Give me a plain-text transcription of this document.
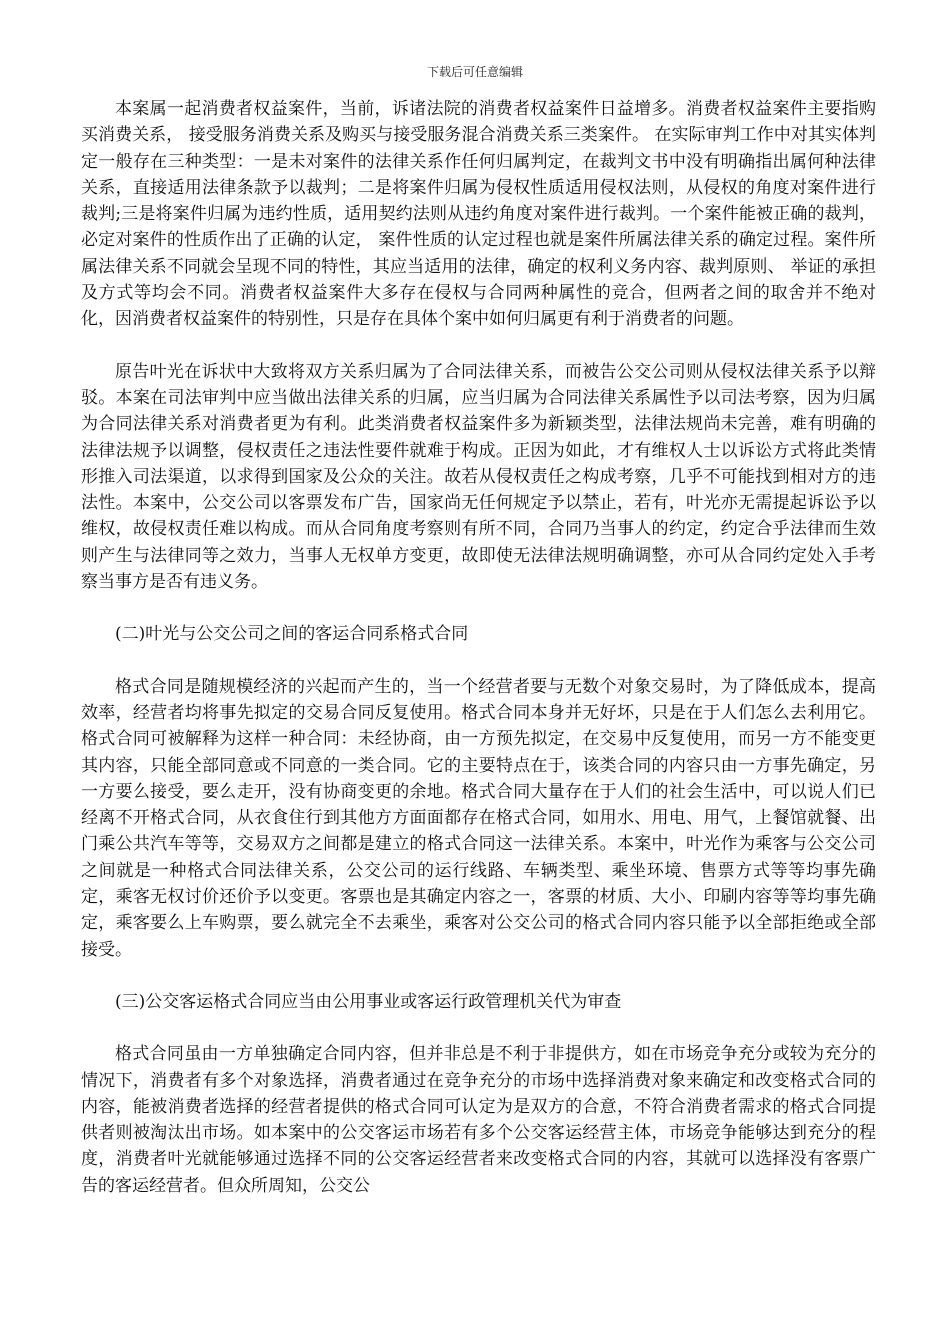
下载后可任意编辑

本案属一起消费者权益案件，当前，诉诸法院的消费者权益案件日益增多。消费者权益案件主要指购买消费关系， 接受服务消费关系及购买与接受服务混合消费关系三类案件。 在实际审判工作中对其实体判定一般存在三种类型：一是未对案件的法律关系作任何归属判定，在裁判文书中没有明确指出属何种法律关系，直接适用法律条款予以裁判；二是将案件归属为侵权性质适用侵权法则，从侵权的角度对案件进行裁判;三是将案件归属为违约性质，适用契约法则从违约角度对案件进行裁判。一个案件能被正确的裁判， 必定对案件的性质作出了正确的认定， 案件性质的认定过程也就是案件所属法律关系的确定过程。案件所属法律关系不同就会呈现不同的特性，其应当适用的法律，确定的权利义务内容、裁判原则、 举证的承担及方式等均会不同。消费者权益案件大多存在侵权与合同两种属性的竞合，但两者之间的取舍并不绝对化，因消费者权益案件的特别性，只是存在具体个案中如何归属更有利于消费者的问题。

原告叶光在诉状中大致将双方关系归属为了合同法律关系，而被告公交公司则从侵权法律关系予以辩驳。本案在司法审判中应当做出法律关系的归属，应当归属为合同法律关系属性予以司法考察，因为归属为合同法律关系对消费者更为有利。此类消费者权益案件多为新颖类型，法律法规尚未完善，难有明确的法律法规予以调整，侵权责任之违法性要件就难于构成。正因为如此，才有维权人士以诉讼方式将此类情形推入司法渠道，以求得到国家及公众的关注。故若从侵权责任之构成考察，几乎不可能找到相对方的违法性。本案中，公交公司以客票发布广告，国家尚无任何规定予以禁止，若有，叶光亦无需提起诉讼予以维权，故侵权责任难以构成。而从合同角度考察则有所不同，合同乃当事人的约定，约定合乎法律而生效则产生与法律同等之效力，当事人无权单方变更，故即使无法律法规明确调整，亦可从合同约定处入手考察当事方是否有违义务。

(二)叶光与公交公司之间的客运合同系格式合同

格式合同是随规模经济的兴起而产生的，当一个经营者要与无数个对象交易时，为了降低成本，提高效率，经营者均将事先拟定的交易合同反复使用。格式合同本身并无好坏，只是在于人们怎么去利用它。格式合同可被解释为这样一种合同：未经协商，由一方预先拟定，在交易中反复使用，而另一方不能变更其内容，只能全部同意或不同意的一类合同。它的主要特点在于，该类合同的内容只由一方事先确定，另一方要么接受，要么走开，没有协商变更的余地。格式合同大量存在于人们的社会生活中，可以说人们已经离不开格式合同，从衣食住行到其他方方面面都存在格式合同，如用水、用电、用气，上餐馆就餐、出门乘公共汽车等等，交易双方之间都是建立的格式合同这一法律关系。本案中，叶光作为乘客与公交公司之间就是一种格式合同法律关系，公交公司的运行线路、车辆类型、乘坐环境、售票方式等等均事先确定，乘客无权讨价还价予以变更。客票也是其确定内容之一，客票的材质、大小、印刷内容等等均事先确定，乘客要么上车购票，要么就完全不去乘坐，乘客对公交公司的格式合同内容只能予以全部拒绝或全部接受。

(三)公交客运格式合同应当由公用事业或客运行政管理机关代为审查

格式合同虽由一方单独确定合同内容，但并非总是不利于非提供方，如在市场竞争充分或较为充分的情况下，消费者有多个对象选择，消费者通过在竞争充分的市场中选择消费对象来确定和改变格式合同的内容，能被消费者选择的经营者提供的格式合同可认定为是双方的合意，不符合消费者需求的格式合同提供者则被淘汰出市场。如本案中的公交客运市场若有多个公交客运经营主体，市场竞争能够达到充分的程度，消费者叶光就能够通过选择不同的公交客运经营者来改变格式合同的内容，其就可以选择没有客票广告的客运经营者。但众所周知，公交公
